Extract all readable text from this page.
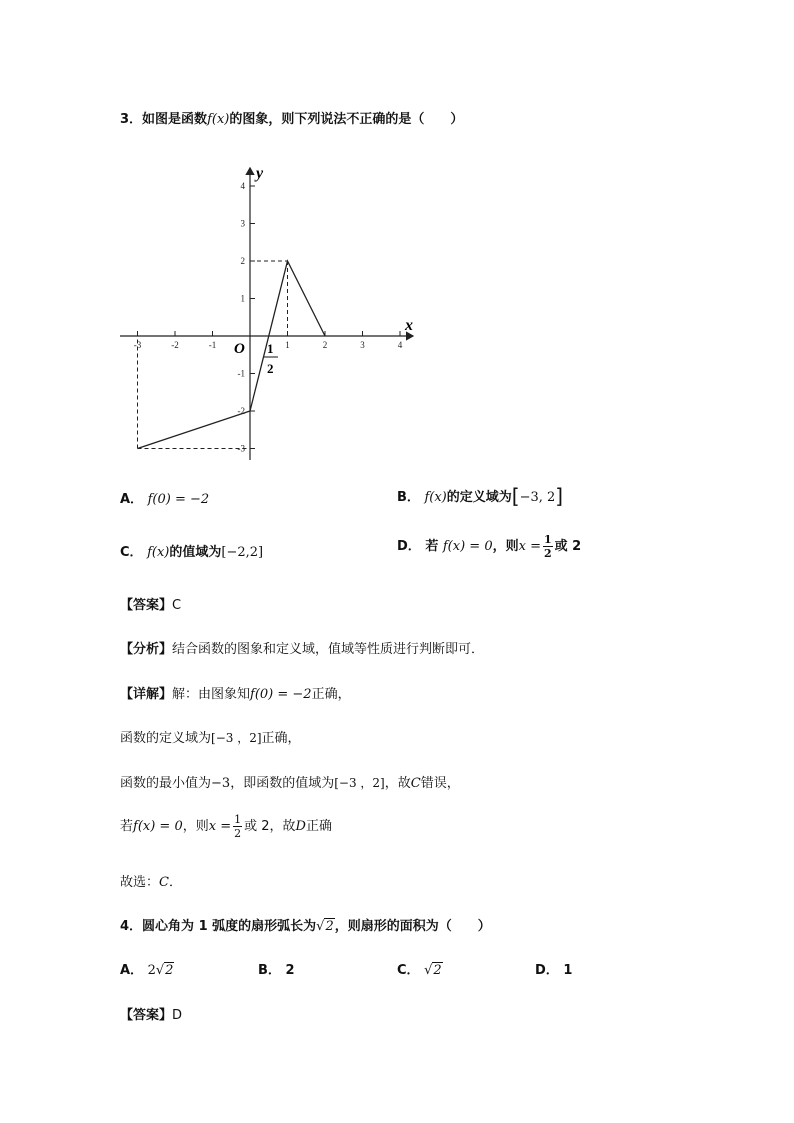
3．如图是函数f(x)的图象，则下列说法不正确的是（　　）
-3	-2	-1	1	2	3	4
4
3
2
1
-1
-2
-3
y
x
O 1
2
A． f(0) = −2	B． f(x)的定义域为[−3, 2]
C． f(x)的值域为[−2,2]	D． 若 f(x) = 0，则$x = \frac{1}{2}$ 或 2
【答案】C
【分析】结合函数的图象和定义域，值域等性质进行判断即可．
【详解】解：由图象知f(0) = −2正确，
函数的定义域为[−3 ，2]正确，
函数的最小值为−3，即函数的值域为[−3 ，2]，故C错误，
若f(x) = 0，则$x = \frac{1}{2}$ 或 2，故D正确
故选：C．
4．圆心角为 1 弧度的扇形弧长为√2，则扇形的面积为（　　）
A． 2√2	B． 2	C． √2	D． 1
【答案】D
